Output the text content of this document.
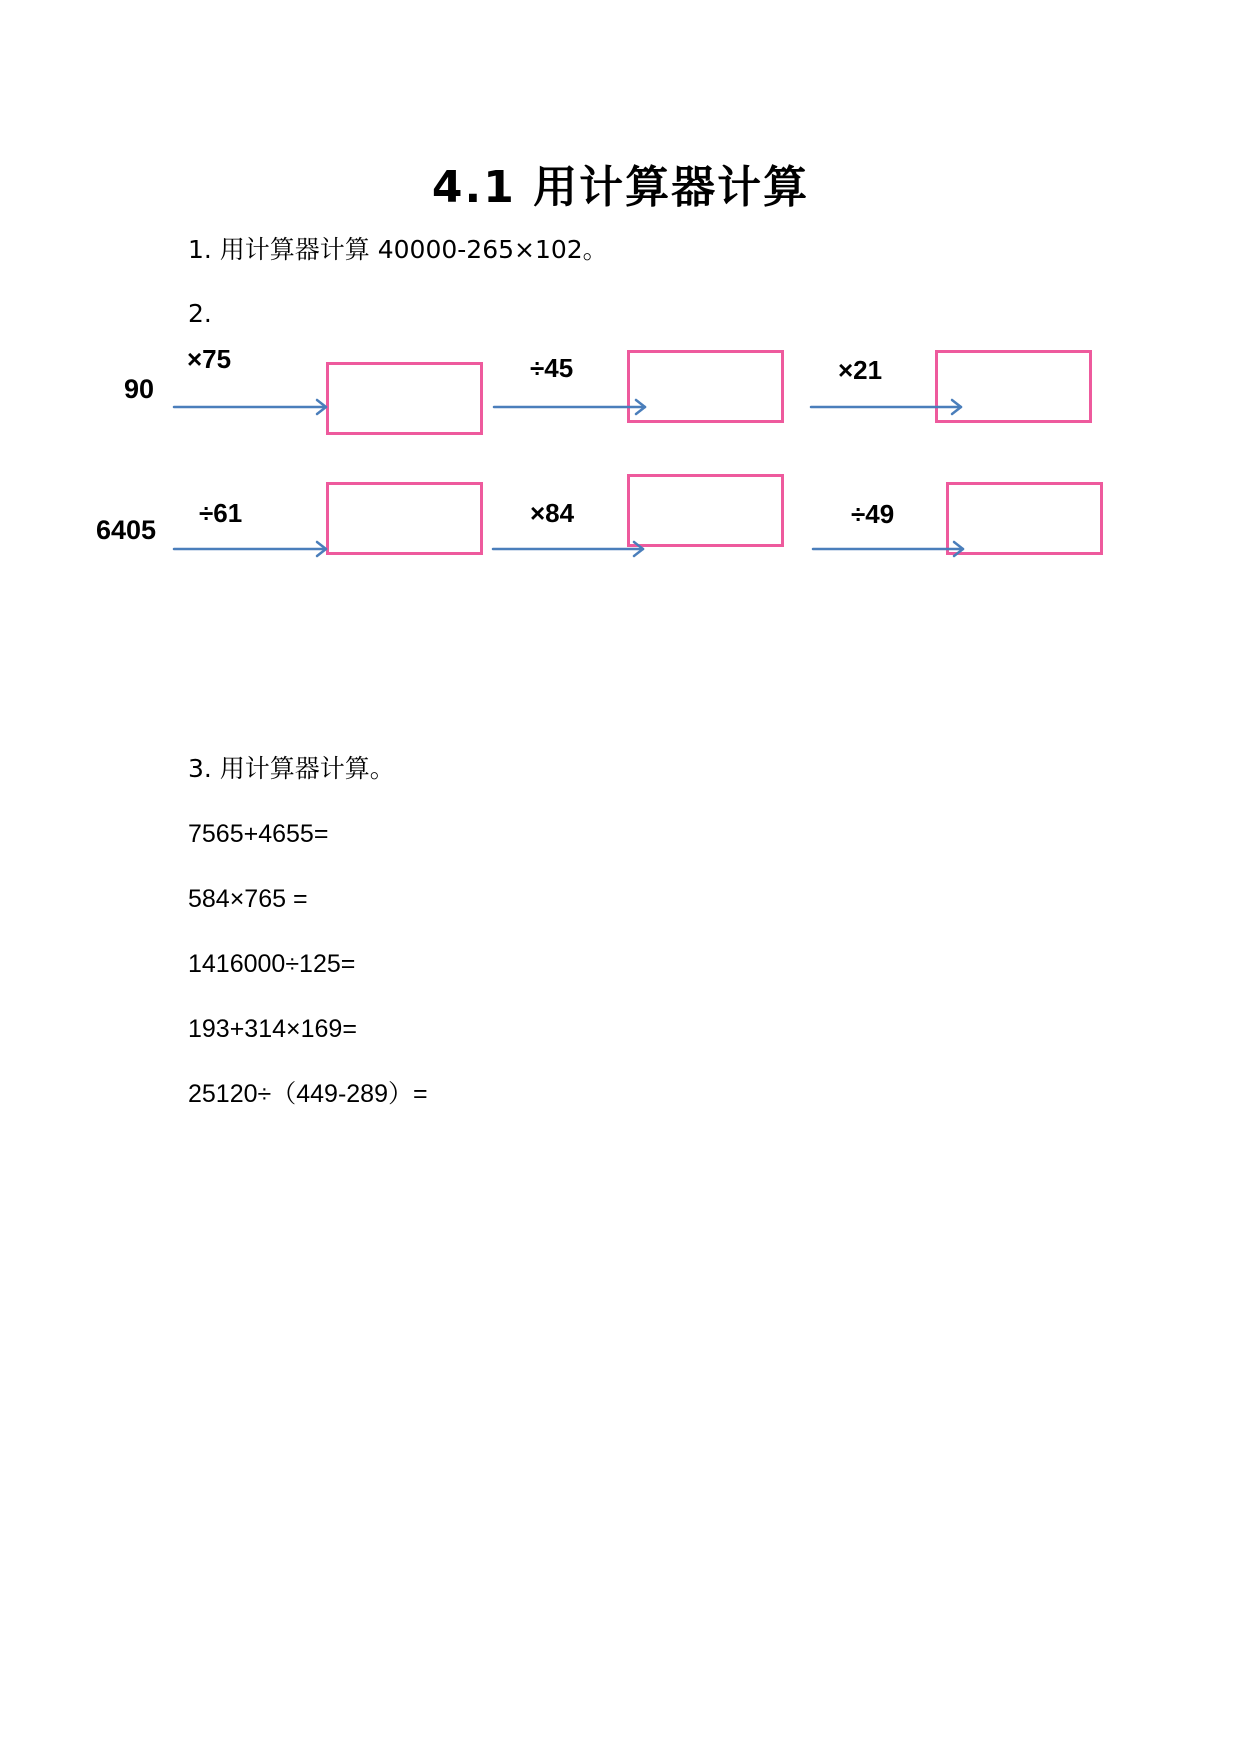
4.1 用计算器计算
1. 用计算器计算 40000-265×102。
2.
90
×75	÷45	×21
6405
÷61	×84	÷49
3. 用计算器计算。
7565+4655=
584×765 =
1416000÷125=
193+314×169=
25120÷（449-289）=
